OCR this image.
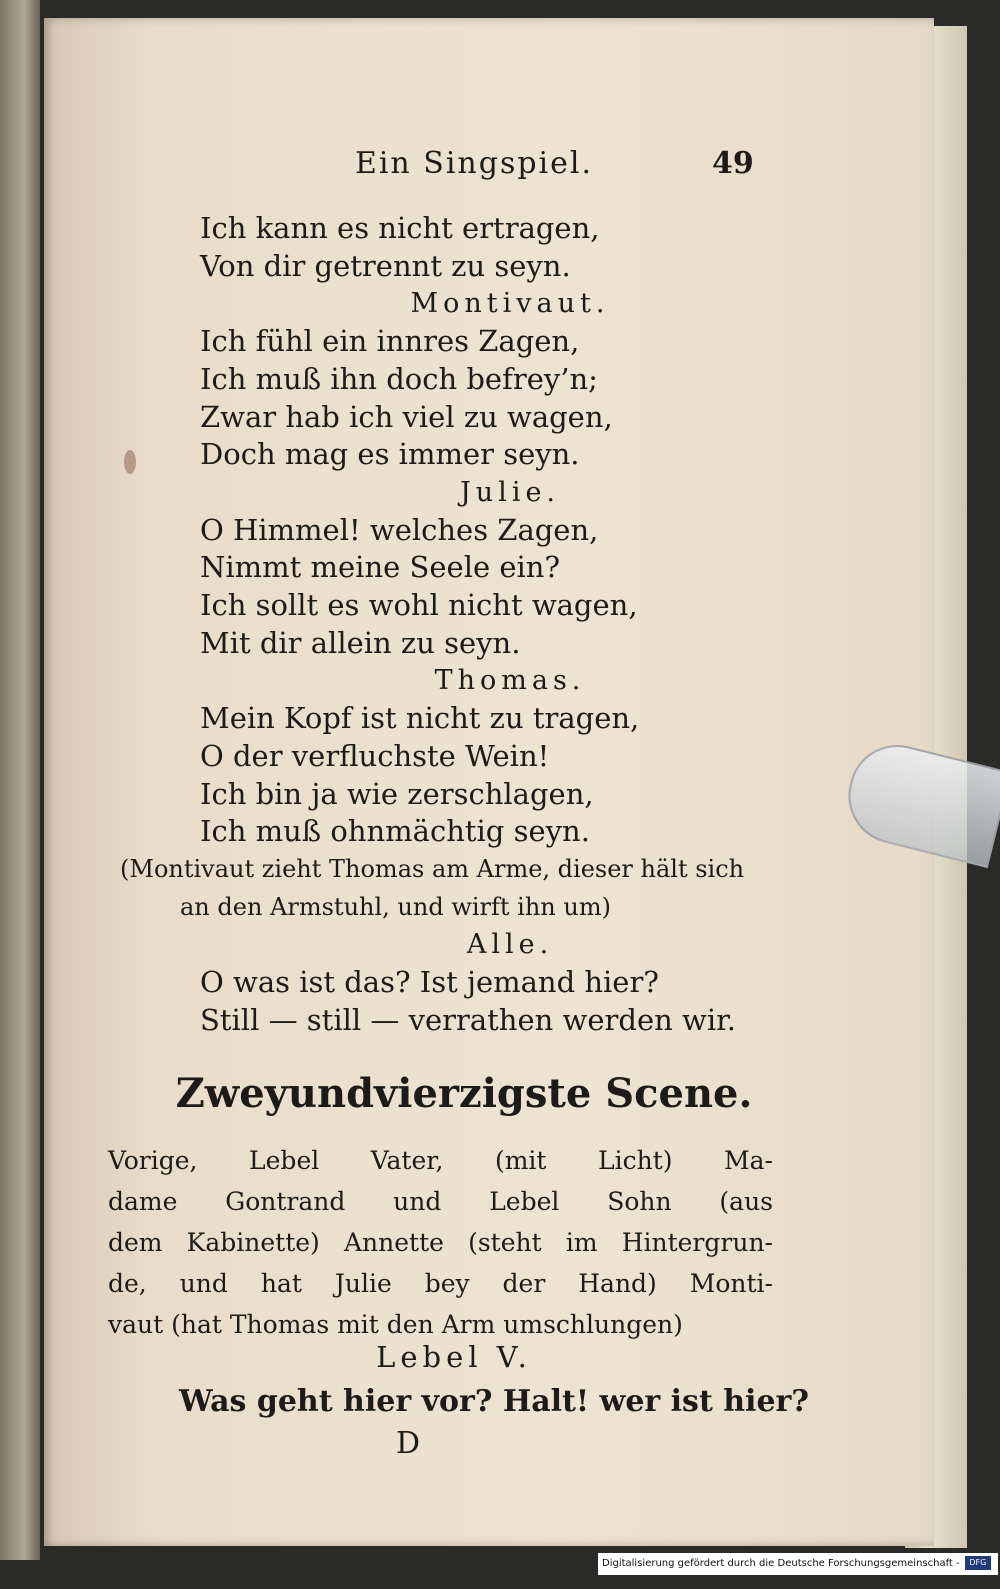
Ein Singspiel.	49
Ich kann es nicht ertragen,
Von dir getrennt zu seyn.
Montivaut.
Ich fühl ein innres Zagen,
Ich muß ihn doch befrey’n;
Zwar hab ich viel zu wagen,
Doch mag es immer seyn.
Julie.
O Himmel! welches Zagen,
Nimmt meine Seele ein?
Ich sollt es wohl nicht wagen,
Mit dir allein zu seyn.
Thomas.
Mein Kopf ist nicht zu tragen,
O der verfluchste Wein!
Ich bin ja wie zerschlagen,
Ich muß ohnmächtig seyn.
(Montivaut zieht Thomas am Arme, dieser hält sich
an den Armstuhl, und wirft ihn um)
Alle.
O was ist das? Ist jemand hier?
Still — still — verrathen werden wir.
Zweyundvierzigste Scene.
Vorige, Lebel Vater, (mit Licht) Ma-
dame Gontrand und Lebel Sohn (aus
dem Kabinette) Annette (steht im Hintergrun-
de, und hat Julie bey der Hand) Monti-
vaut (hat Thomas mit den Arm umschlungen)
Lebel V.
Was geht hier vor? Halt! wer ist hier?
D
Digitalisierung gefördert durch die Deutsche Forschungsgemeinschaft - DFG
